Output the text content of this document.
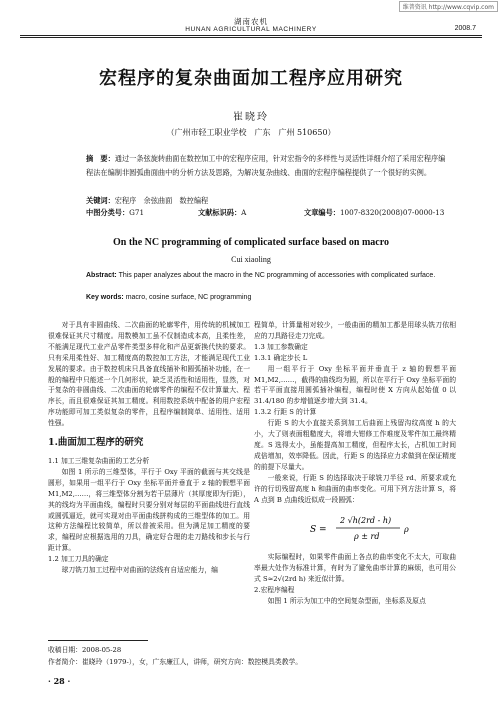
维普资讯 http://www.cqvip.com
湖南农机
HUNAN AGRICULTURAL MACHINERY	2008.7
宏程序的复杂曲面加工程序应用研究
崔晓玲
（广州市轻工职业学校　广东　广州 510650）
摘　要：通过一条弦旋转曲面在数控加工中的宏程序应用，针对宏指令的多样性与灵活性详细介绍了采用宏程序编程法在编制非圆弧曲面曲中的分析方法及思路，为解决复杂曲线、曲面的宏程序编程提供了一个很好的实例。
关键词：宏程序　余弦曲面　数控编程
中图分类号： G71	文献标识码： A	文章编号： 1007-8320(2008)07-0000-13
On the NC programming of complicated surface based on macro
Cui xiaoling
Abstract: This paper analyzes about the macro in the NC programming of accessories with complicated surface.
Key words: macro, cosine surface, NC programming

对于具有非圆曲线、二次曲面的轮廓零件，用传统的机械加工很难保证其尺寸精度。用数模加工虽不仅制造成本高，且柔性差，不能满足现代工业产品零件类型多样化和产品更新换代快的要求。只有采用柔性好、加工精度高的数控加工方法，才能满足现代工业发展的要求。由于数控机床只具备直线插补和圆弧插补功能，在一般的编程中只能述一个几何形状，缺乏灵活性和适用性，显然，对于复杂的非圆曲线、二次曲面的轮廓零件的编程不仅计算量大、程序长，而且很难保证其加工精度。利用数控系统中配备的用户宏程序功能即可加工类似复杂的零件，且程序编制简单、适用性、适用性强。

1.曲面加工程序的研究

1.1 加工三维复杂曲面的工艺分析

如图 1 所示的三维型体，平行于 Oxy 平面的截面与其交线是圆形，如果用一组平行于 Oxy 坐标平面并垂直于 z 轴的假想平面 M1,M2,……，将三维型体分割为若干层薄片（其厚度即为行距），其的线均为平面曲线，编程时只要分别对每层的平面曲线进行直线或圆弧逼近，就可实现对由平面曲线拼构成的三维型体的加工。用这种方法编程比较简单，所以普被采用。但为满足加工精度的要求，编程时应根据选用的刀具，确定好合理的走刀路线和步长与行距计算。

1.2 加工刀具的确定

球刀铣刀加工过程中对曲面的法线有自适应能力，编

程简单，计算量相对较少，一般曲面的精加工都是用球头铣刀依相应的刀具路径走刀完成。

1.3 加工参数确定

1.3.1 确定步长 L

用一组平行于 Oxy 坐标平面并垂直于 z 轴的假想平面 M1,M2,……，截得的曲线均为圆，所以在平行于 Oxy 坐标平面的若干平面直接用圆弧插补编程，编程时使 X 方向从起始值 0 以 31.4/180 的步增值逐步增大到 31.4。

1.3.2 行距 S 的计算

行距 S 的大小直接关系到加工后曲面上残留沟纹高度 h 的大小，大了则表面粗糙度大，将增大钳修工作难度及零件加工最终精度。S 选得太小，虽能提高加工精度，但程序太长，占机加工时间成倍增加，效率降低。因此，行距 S 的选择应力求做到在保证精度的前提下尽量大。

一般来说，行距 S 的选择取决于球铣刀半径 rd、所要求或允许的行切残留高度 h 和曲面的曲率变化。可用下列方法计算 S，将 A 点到 B 点曲线近似成一段圆弧：

S =
2 √h(2rd - h)
ρ ± rd
ρ

实际编程时，如果零件曲面上各点的曲率变化不太大，可取曲率最大处作为标准计算，有时为了避免曲率计算的麻烦，也可用公式 S≈2√(2rd h) 来近似计算。

2.宏程序编程

如图 1 所示为加工中的空间复杂型面，坐标系及原点

收稿日期：2008-05-28
作者简介：崔晓玲（1979-），女，广东廉江人，讲师，研究方向：数控模具类教学。
· 28 ·
